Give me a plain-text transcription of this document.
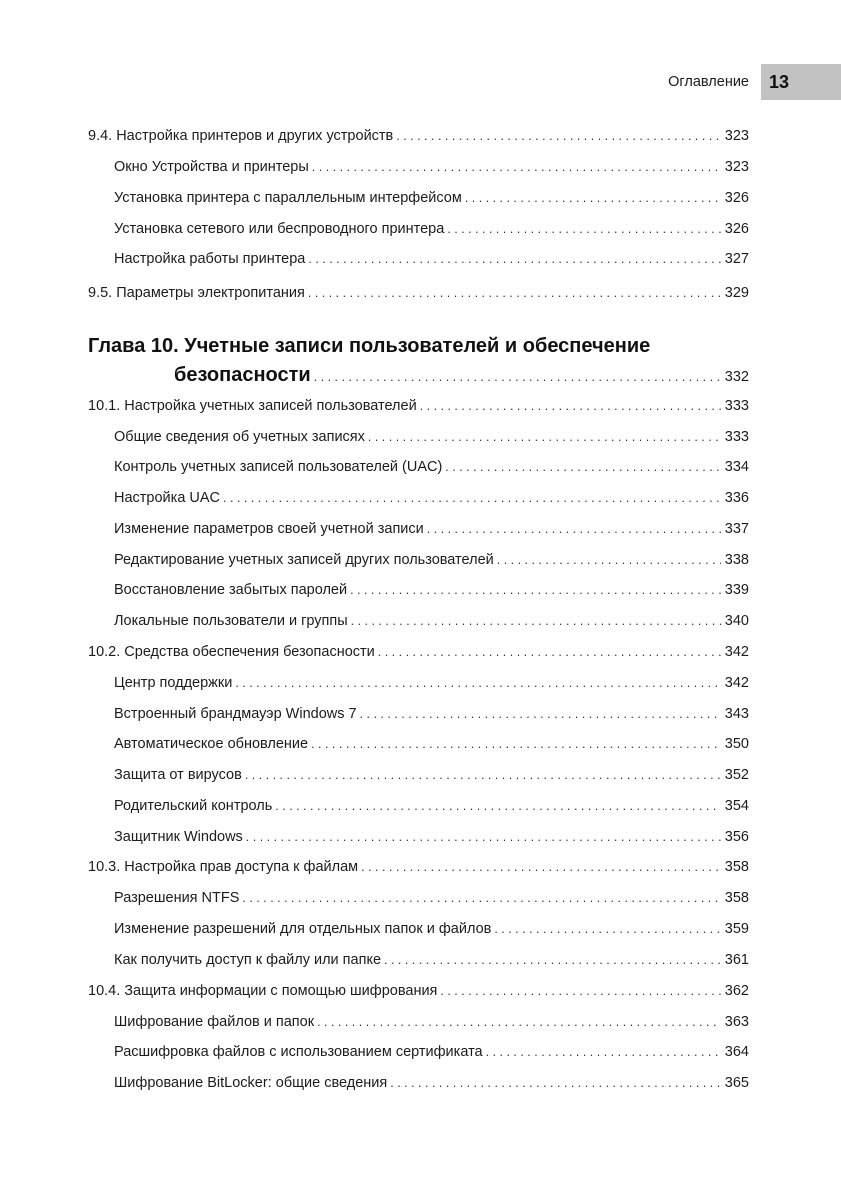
Оглавление 13
9.4. Настройка принтеров и других устройств . . .	323
Окно Устройства и принтеры . . .	323
Установка принтера с параллельным интерфейсом . . .	326
Установка сетевого или беспроводного принтера . . .	326
Настройка работы принтера . . .	327
9.5. Параметры электропитания . . .	329
Глава 10. Учетные записи пользователей и обеспечение
безопасности . . .	332
10.1. Настройка учетных записей пользователей . . .	333
Общие сведения об учетных записях . . .	333
Контроль учетных записей пользователей (UAC) . . .	334
Настройка UAC . . .	336
Изменение параметров своей учетной записи . . .	337
Редактирование учетных записей других пользователей . . .	338
Восстановление забытых паролей . . .	339
Локальные пользователи и группы . . .	340
10.2. Средства обеспечения безопасности . . .	342
Центр поддержки . . .	342
Встроенный брандмауэр Windows 7 . . .	343
Автоматическое обновление . . .	350
Защита от вирусов . . .	352
Родительский контроль . . .	354
Защитник Windows . . .	356
10.3. Настройка прав доступа к файлам . . .	358
Разрешения NTFS . . .	358
Изменение разрешений для отдельных папок и файлов . . .	359
Как получить доступ к файлу или папке . . .	361
10.4. Защита информации с помощью шифрования . . .	362
Шифрование файлов и папок . . .	363
Расшифровка файлов с использованием сертификата . . .	364
Шифрование BitLocker: общие сведения . . .	365
